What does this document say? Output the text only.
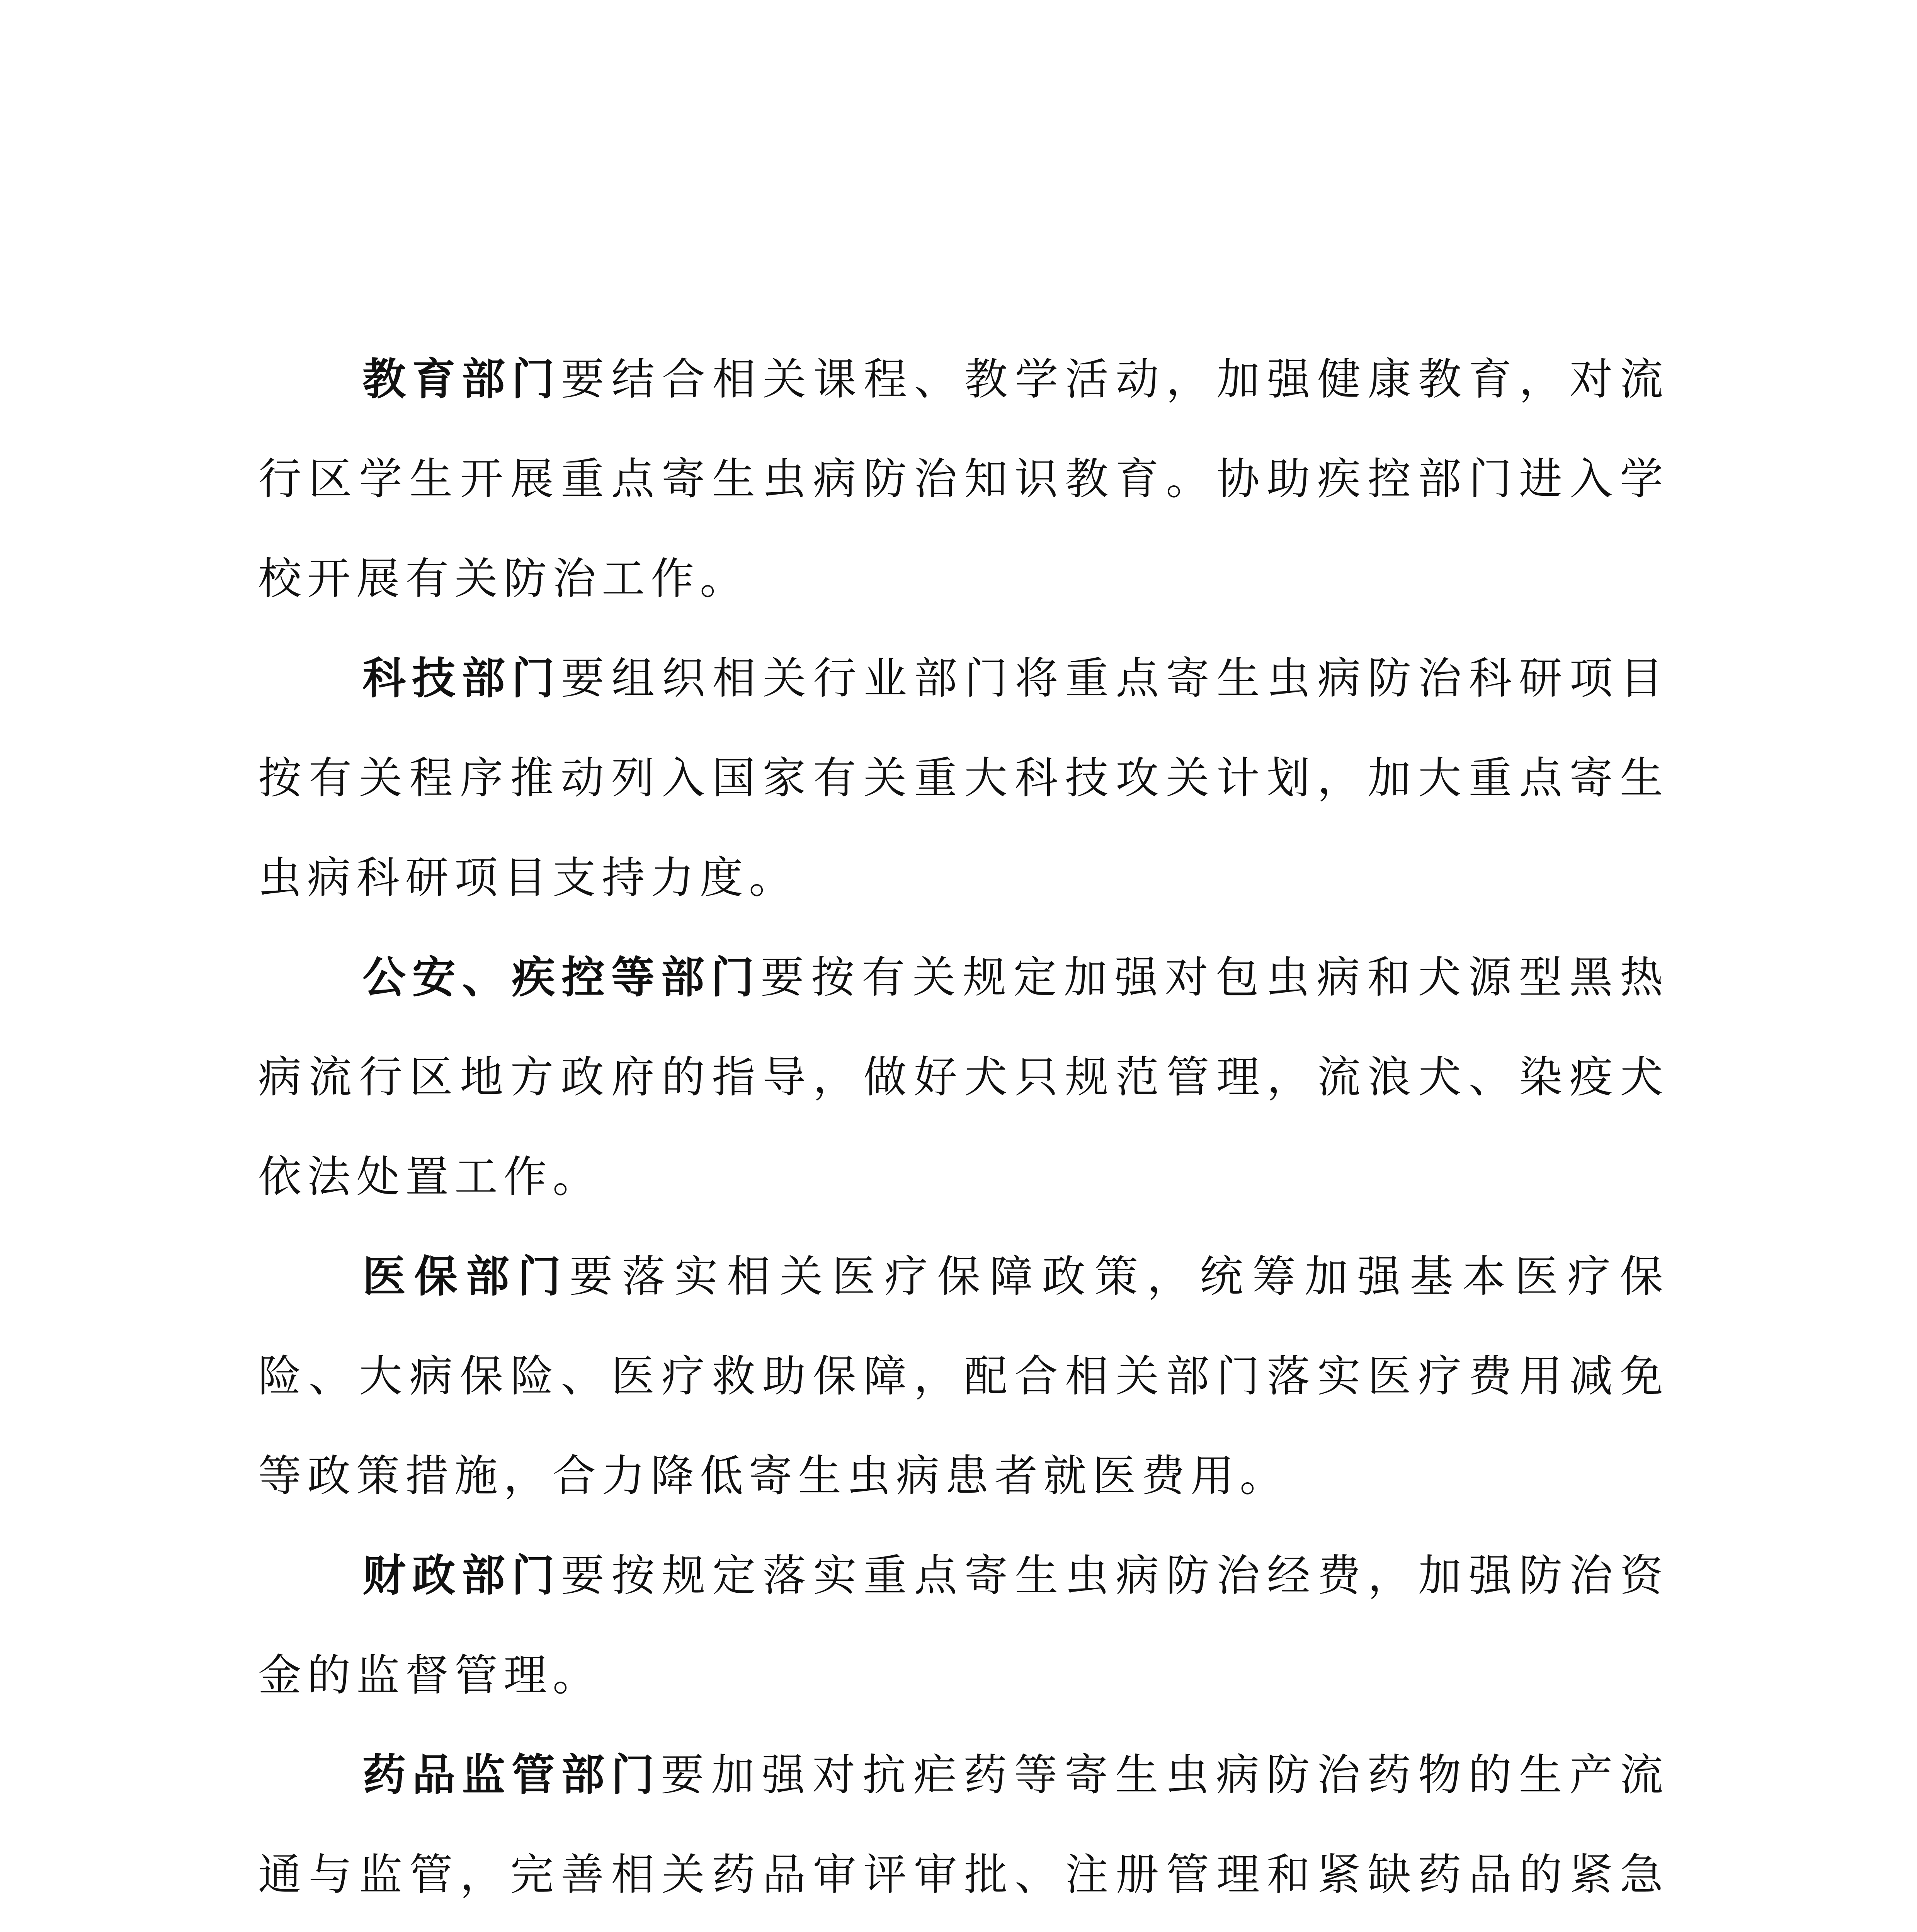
教育部门要结合相关课程、教学活动，加强健康教育，对流行区学生开展重点寄生虫病防治知识教育。协助疾控部门进入学校开展有关防治工作。

科技部门要组织相关行业部门将重点寄生虫病防治科研项目按有关程序推动列入国家有关重大科技攻关计划，加大重点寄生虫病科研项目支持力度。

公安、疾控等部门要按有关规定加强对包虫病和犬源型黑热病流行区地方政府的指导，做好犬只规范管理，流浪犬、染疫犬依法处置工作。

医保部门要落实相关医疗保障政策，统筹加强基本医疗保险、大病保险、医疗救助保障，配合相关部门落实医疗费用减免等政策措施，合力降低寄生虫病患者就医费用。

财政部门要按规定落实重点寄生虫病防治经费，加强防治资金的监督管理。

药品监管部门要加强对抗疟药等寄生虫病防治药物的生产流通与监管，完善相关药品审评审批、注册管理和紧缺药品的紧急
